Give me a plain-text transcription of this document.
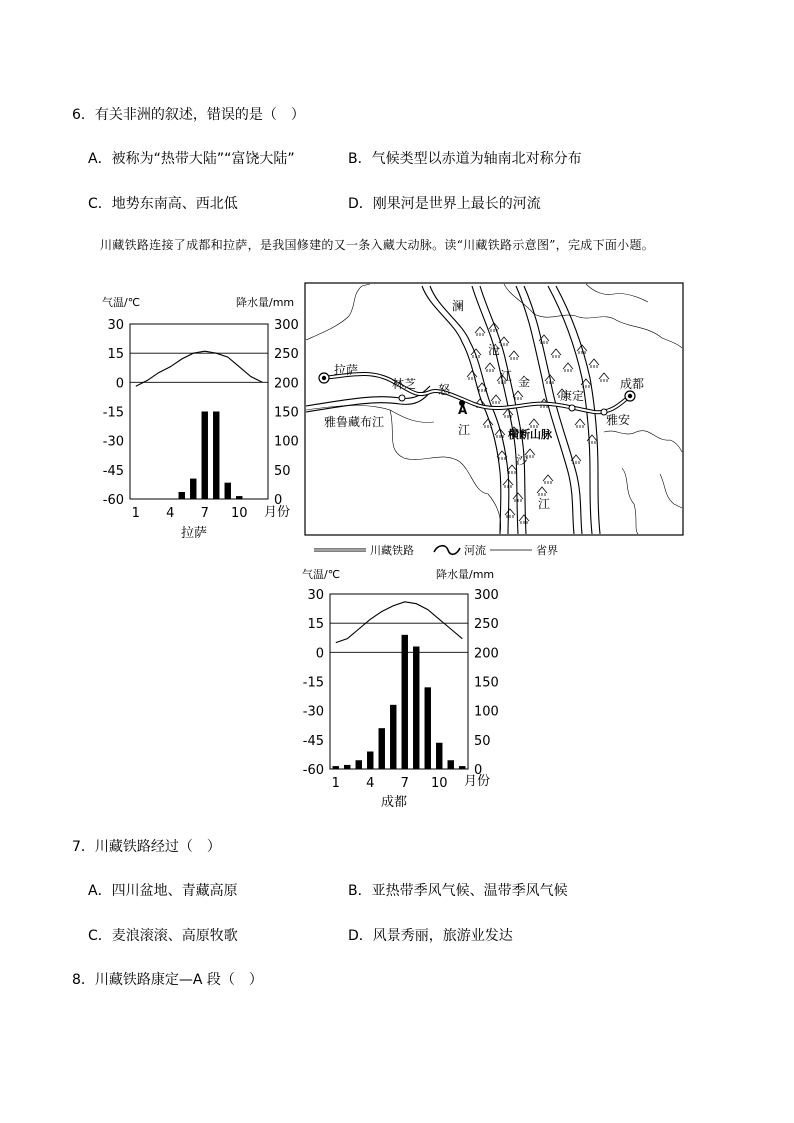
6．有关非洲的叙述，错误的是（　）
A．被称为“热带大陆”“富饶大陆”	B．气候类型以赤道为轴南北对称分布
C．地势东南高、西北低	D．刚果河是世界上最长的河流
川藏铁路连接了成都和拉萨，是我国修建的又一条入藏大动脉。读“川藏铁路示意图”，完成下面小题。
气温/℃	降水量/mm
30
15
0
-15
-30
-45
-60
300
250
200
150
100
50
0
1 4 7 10 月份
拉萨
拉萨
林芝
雅鲁藏布江
澜
沧
江
怒
A
江	横断山脉
金
沙
江
康定
雅安
成都
川藏铁路	河流	省界
气温/℃	降水量/mm
30
15
0
-15
-30
-45
-60
300
250
200
150
100
50
0
1 4 7 10 月份
成都
7．川藏铁路经过（　）
A．四川盆地、青藏高原	B．亚热带季风气候、温带季风气候
C．麦浪滚滚、高原牧歌	D．风景秀丽，旅游业发达
8．川藏铁路康定—A 段（　）
